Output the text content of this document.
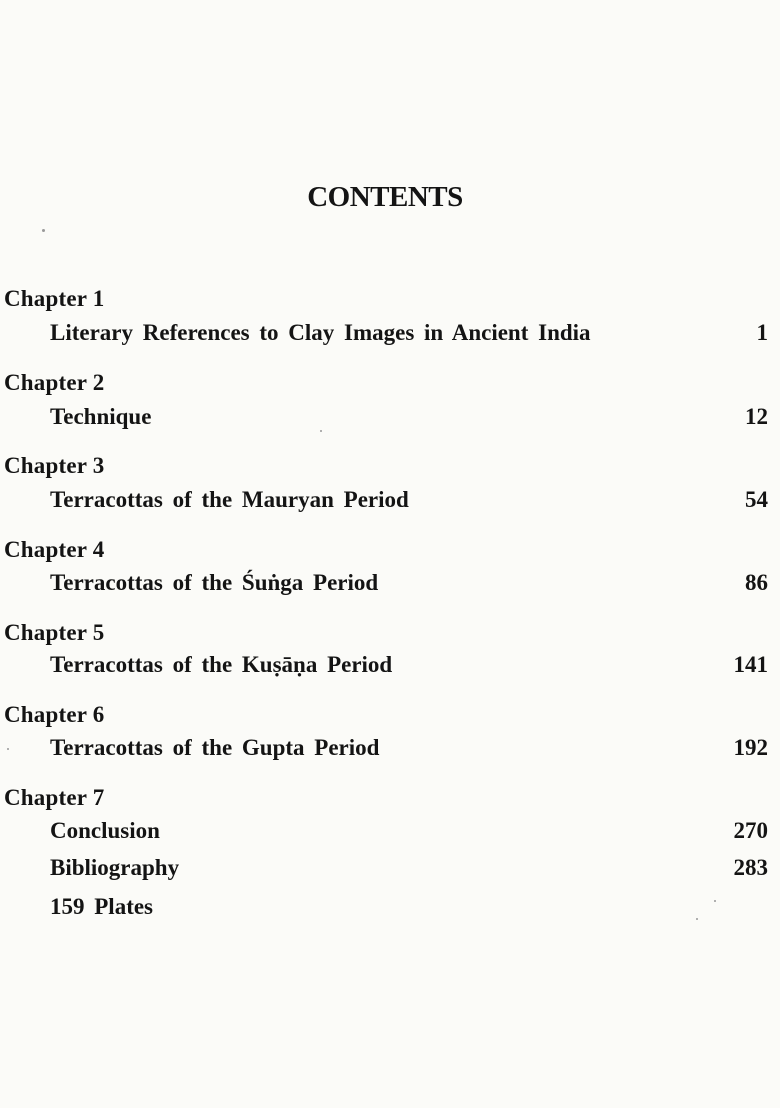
CONTENTS
Chapter 1
Literary References to Clay Images in Ancient India	1
Chapter 2
Technique	12
Chapter 3
Terracottas of the Mauryan Period	54
Chapter 4
Terracottas of the Śuṅga Period	86
Chapter 5
Terracottas of the Kuṣāṇa Period	141
Chapter 6
Terracottas of the Gupta Period	192
Chapter 7
Conclusion	270
Bibliography	283
159 Plates
